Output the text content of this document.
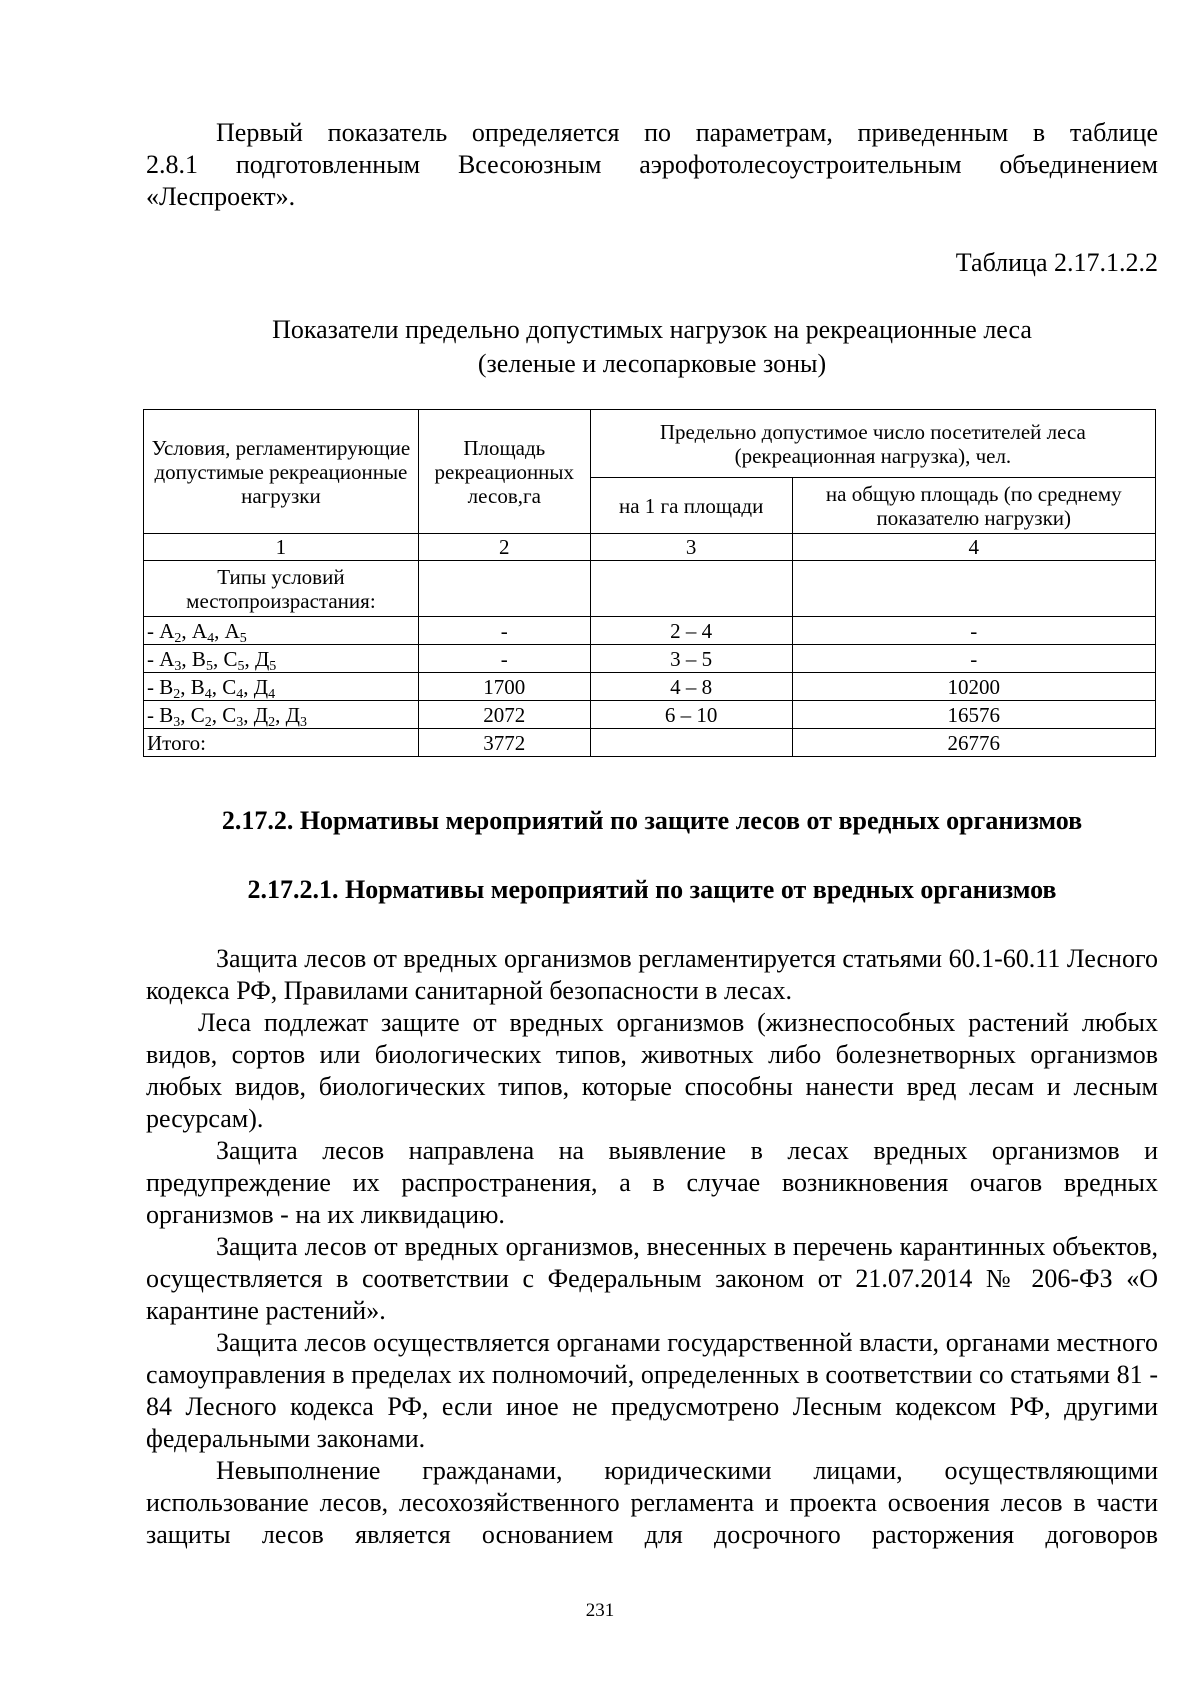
Первый показатель определяется по параметрам, приведенным в таблице

2.8.1 подготовленным Всесоюзным аэрофотолесоустроительным объединением

«Леспроект».

Таблица 2.17.1.2.2
Показатели предельно допустимых нагрузок на рекреационные леса
(зеленые и лесопарковые зоны)
Условия, регламентирующие допустимые рекреационные нагрузки	Площадь рекреационных лесов,га	Предельно допустимое число посетителей леса (рекреационная нагрузка), чел.	
		на 1 га площади	на общую площадь (по среднему показателю нагрузки)
1	2	3	4
Типы условий местопроизрастания:			
- $А_2$, $А_4$, $А_5$	-	2 – 4	-
- $А_3$, $В_5$, $С_5$, $Д_5$	-	3 – 5	-
- $В_2$, $В_4$, $С_4$, $Д_4$	1700	4 – 8	10200
- $В_3$, $С_2$, $С_3$, $Д_2$, $Д_3$	2072	6 – 10	16576
Итого:	3772		26776
2.17.2. Нормативы мероприятий по защите лесов от вредных организмов
2.17.2.1. Нормативы мероприятий по защите от вредных организмов

Защита лесов от вредных организмов регламентируется статьями 60.1-60.11 Лесного кодекса РФ, Правилами санитарной безопасности в лесах.

Леса подлежат защите от вредных организмов (жизнеспособных растений любых видов, сортов или биологических типов, животных либо болезнетворных организмов любых видов, биологических типов, которые способны нанести вред лесам и лесным ресурсам).

Защита лесов направлена на выявление в лесах вредных организмов и предупреждение их распространения, а в случае возникновения очагов вредных организмов - на их ликвидацию.

Защита лесов от вредных организмов, внесенных в перечень карантинных объектов, осуществляется в соответствии с Федеральным законом от 21.07.2014 № 206-ФЗ «О карантине растений».

Защита лесов осуществляется органами государственной власти, органами местного самоуправления в пределах их полномочий, определенных в соответствии со статьями 81 - 84 Лесного кодекса РФ, если иное не предусмотрено Лесным кодексом РФ, другими федеральными законами.

Невыполнение гражданами, юридическими лицами, осуществляющими использование лесов, лесохозяйственного регламента и проекта освоения лесов в части защиты лесов является основанием для досрочного расторжения договоров

231
